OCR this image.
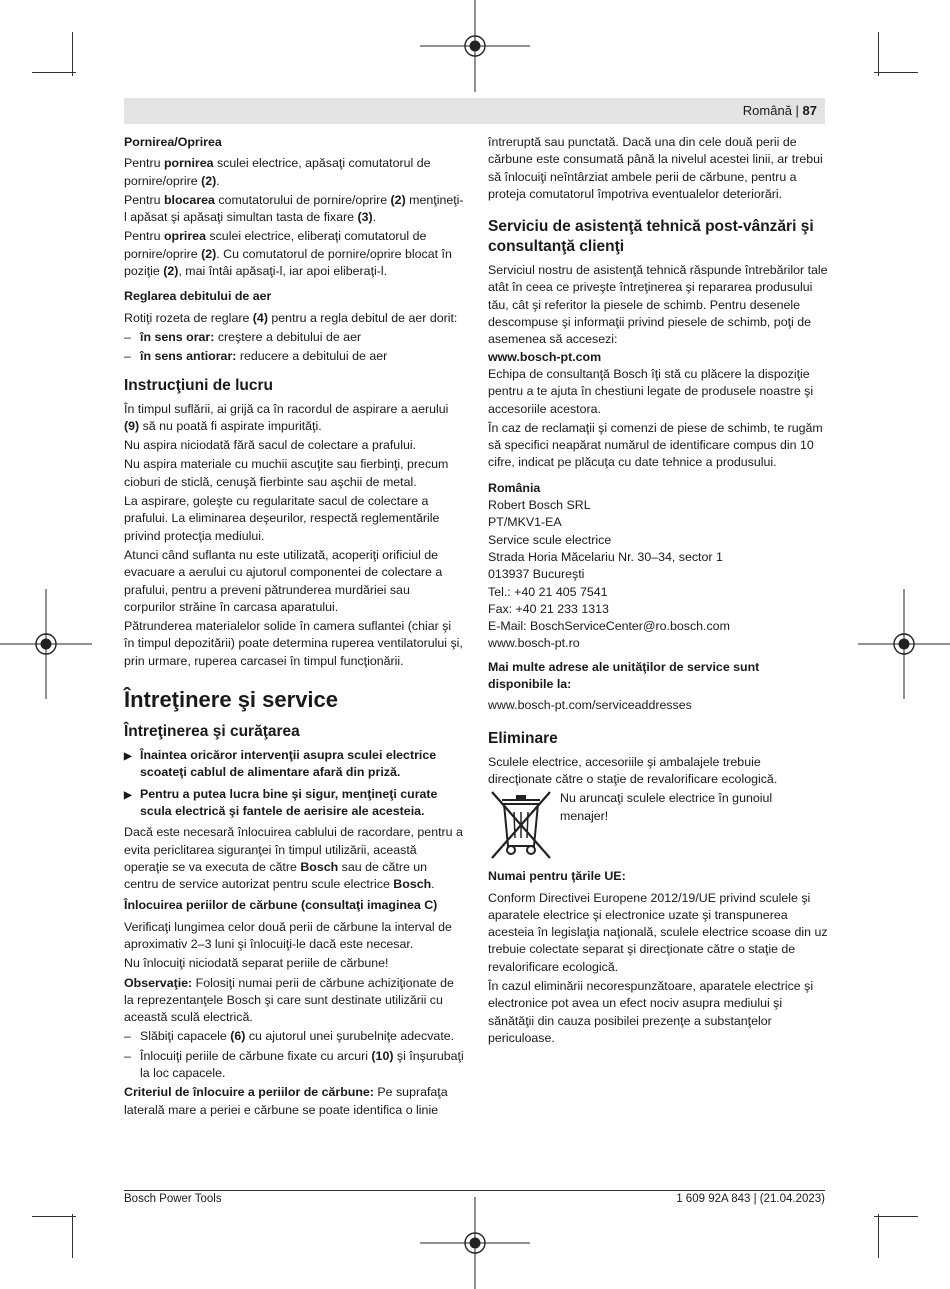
Română | 87

Pornirea/Oprirea

Pentru pornirea sculei electrice, apăsaţi comutatorul de pornire/oprire (2).

Pentru blocarea comutatorului de pornire/oprire (2) menţineţi-l apăsat şi apăsaţi simultan tasta de fixare (3).

Pentru oprirea sculei electrice, eliberaţi comutatorul de pornire/oprire (2). Cu comutatorul de pornire/oprire blocat în poziţie (2), mai întâi apăsaţi-l, iar apoi eliberaţi-l.

Reglarea debitului de aer

Rotiţi rozeta de reglare (4) pentru a regla debitul de aer dorit:

– în sens orar: creştere a debitului de aer

– în sens antiorar: reducere a debitului de aer

Instrucţiuni de lucru

În timpul suflării, ai grijă ca în racordul de aspirare a aerului (9) să nu poată fi aspirate impurităţi.

Nu aspira niciodată fără sacul de colectare a prafului.

Nu aspira materiale cu muchii ascuţite sau fierbinţi, precum cioburi de sticlă, cenuşă fierbinte sau aşchii de metal.

La aspirare, goleşte cu regularitate sacul de colectare a prafului. La eliminarea deşeurilor, respectă reglementările privind protecţia mediului.

Atunci când suflanta nu este utilizată, acoperiţi orificiul de evacuare a aerului cu ajutorul componentei de colectare a prafului, pentru a preveni pătrunderea murdăriei sau corpurilor străine în carcasa aparatului.

Pătrunderea materialelor solide în camera suflantei (chiar şi în timpul depozitării) poate determina ruperea ventilatorului şi, prin urmare, ruperea carcasei în timpul funcţionării.

Întreţinere şi service

Întreţinerea şi curăţarea

▶ Înaintea oricăror intervenţii asupra sculei electrice scoateţi cablul de alimentare afară din priză.

▶ Pentru a putea lucra bine şi sigur, menţineţi curate scula electrică şi fantele de aerisire ale acesteia.

Dacă este necesară înlocuirea cablului de racordare, pentru a evita periclitarea siguranţei în timpul utilizării, această operaţie se va executa de către Bosch sau de către un centru de service autorizat pentru scule electrice Bosch.

Înlocuirea periilor de cărbune (consultaţi imaginea C)

Verificaţi lungimea celor două perii de cărbune la interval de aproximativ 2–3 luni şi înlocuiţi-le dacă este necesar.

Nu înlocuiţi niciodată separat periile de cărbune!

Observaţie: Folosiţi numai perii de cărbune achiziţionate de la reprezentanţele Bosch şi care sunt destinate utilizării cu această sculă electrică.

– Slăbiţi capacele (6) cu ajutorul unei şurubelniţe adecvate.

– Înlocuiţi periile de cărbune fixate cu arcuri (10) şi înşurubaţi la loc capacele.

Criteriul de înlocuire a periilor de cărbune: Pe suprafaţa laterală mare a periei e cărbune se poate identifica o linie

întreruptă sau punctată. Dacă una din cele două perii de cărbune este consumată până la nivelul acestei linii, ar trebui să înlocuiţi neîntârziat ambele perii de cărbune, pentru a proteja comutatorul împotriva eventualelor deteriorări.

Serviciu de asistenţă tehnică post-vânzări şi consultanţă clienţi

Serviciul nostru de asistenţă tehnică răspunde întrebărilor tale atât în ceea ce priveşte întreţinerea şi repararea produsului tău, cât şi referitor la piesele de schimb. Pentru desenele descompuse şi informaţii privind piesele de schimb, poţi de asemenea să accesezi:

www.bosch-pt.com

Echipa de consultanţă Bosch îţi stă cu plăcere la dispoziţie pentru a te ajuta în chestiuni legate de produsele noastre şi accesoriile acestora.

În caz de reclamaţii şi comenzi de piese de schimb, te rugăm să specifici neapărat numărul de identificare compus din 10 cifre, indicat pe plăcuţa cu date tehnice a produsului.

România

Robert Bosch SRL

PT/MKV1-EA

Service scule electrice

Strada Horia Măcelariu Nr. 30–34, sector 1

013937 Bucureşti

Tel.: +40 21 405 7541

Fax: +40 21 233 1313

E-Mail: BoschServiceCenter@ro.bosch.com

www.bosch-pt.ro

Mai multe adrese ale unităţilor de service sunt disponibile la:

www.bosch-pt.com/serviceaddresses

Eliminare

Sculele electrice, accesoriile şi ambalajele trebuie direcţionate către o staţie de revalorificare ecologică.

Nu aruncaţi sculele electrice în gunoiul menajer!

Numai pentru ţările UE:

Conform Directivei Europene 2012/19/UE privind sculele şi aparatele electrice şi electronice uzate şi transpunerea acesteia în legislaţia naţională, sculele electrice scoase din uz trebuie colectate separat şi direcţionate către o staţie de revalorificare ecologică.

În cazul eliminării necorespunzătoare, aparatele electrice şi electronice pot avea un efect nociv asupra mediului şi sănătăţii din cauza posibilei prezenţe a substanţelor periculoase.

Bosch Power Tools	1 609 92A 843 | (21.04.2023)
